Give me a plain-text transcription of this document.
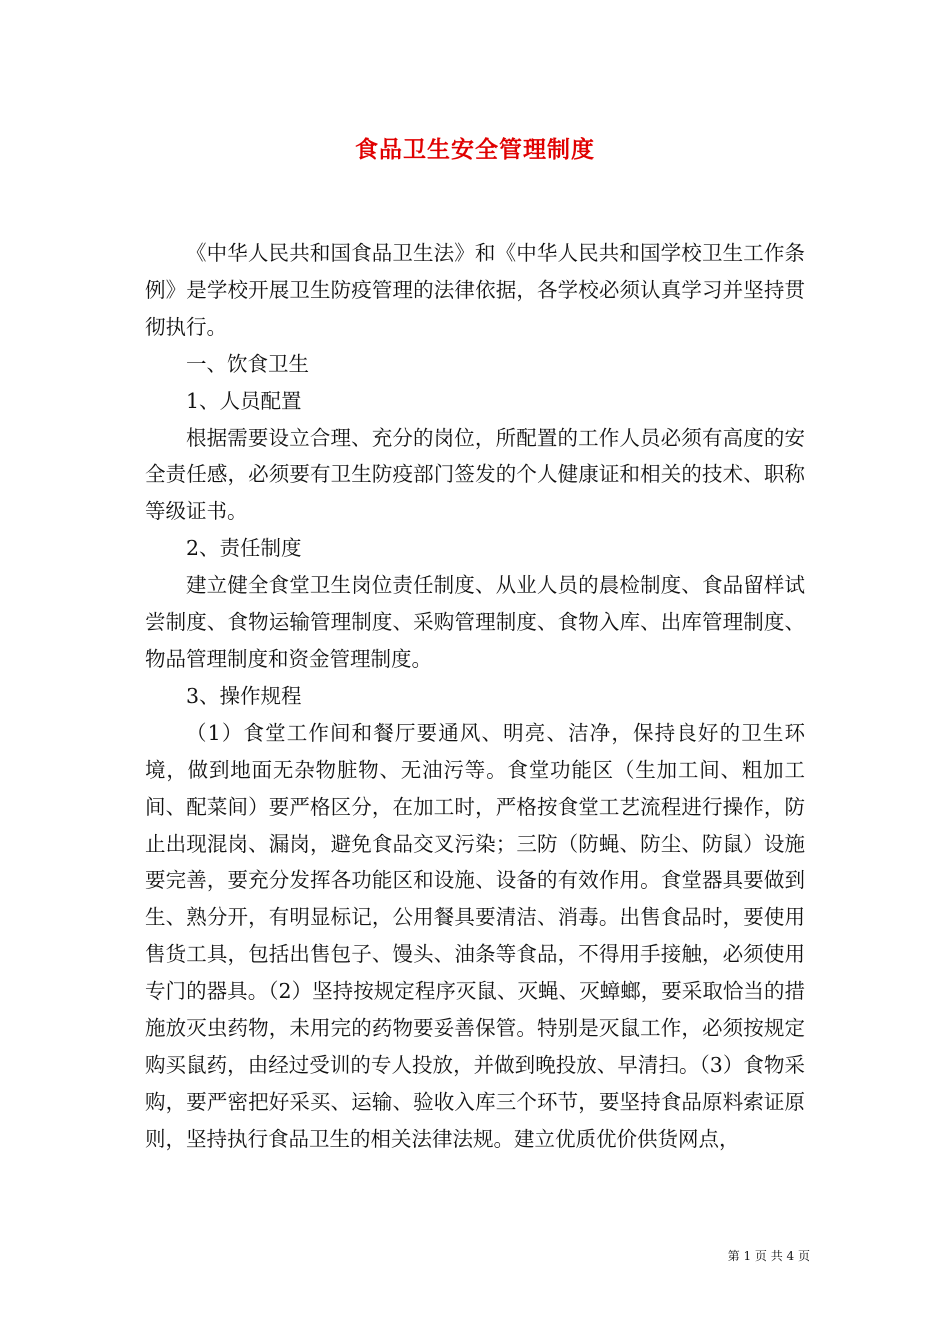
食品卫生安全管理制度

《中华人民共和国食品卫生法》和《中华人民共和国学校卫生工作条例》是学校开展卫生防疫管理的法律依据，各学校必须认真学习并坚持贯彻执行。

一、饮食卫生

1、人员配置

根据需要设立合理、充分的岗位，所配置的工作人员必须有高度的安全责任感，必须要有卫生防疫部门签发的个人健康证和相关的技术、职称等级证书。

2、责任制度

建立健全食堂卫生岗位责任制度、从业人员的晨检制度、食品留样试尝制度、食物运输管理制度、采购管理制度、食物入库、出库管理制度、物品管理制度和资金管理制度。

3、操作规程

（1）食堂工作间和餐厅要通风、明亮、洁净，保持良好的卫生环境，做到地面无杂物脏物、无油污等。食堂功能区（生加工间、粗加工间、配菜间）要严格区分，在加工时，严格按食堂工艺流程进行操作，防止出现混岗、漏岗，避免食品交叉污染；三防（防蝇、防尘、防鼠）设施要完善，要充分发挥各功能区和设施、设备的有效作用。食堂器具要做到生、熟分开，有明显标记，公用餐具要清洁、消毒。出售食品时，要使用售货工具，包括出售包子、馒头、油条等食品，不得用手接触，必须使用专门的器具。（2）坚持按规定程序灭鼠、灭蝇、灭蟑螂，要采取恰当的措施放灭虫药物，未用完的药物要妥善保管。特别是灭鼠工作，必须按规定购买鼠药，由经过受训的专人投放，并做到晚投放、早清扫。（3）食物采购，要严密把好采买、运输、验收入库三个环节，要坚持食品原料索证原则，坚持执行食品卫生的相关法律法规。建立优质优价供货网点，

第 1 页 共 4 页
